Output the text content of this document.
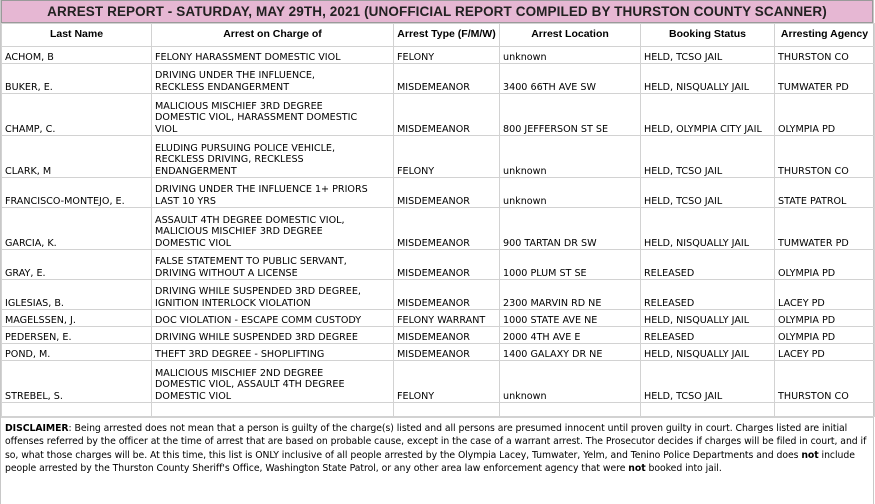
ARREST REPORT - SATURDAY, MAY 29TH, 2021 (UNOFFICIAL REPORT COMPILED BY THURSTON COUNTY SCANNER)
Last Name	Arrest on Charge of	Arrest Type (F/M/W)	Arrest Location	Booking Status	Arresting Agency
ACHOM, B	FELONY HARASSMENT DOMESTIC VIOL	FELONY	unknown	HELD, TCSO JAIL	THURSTON CO
BUKER, E.	DRIVING UNDER THE INFLUENCE,
RECKLESS ENDANGERMENT	MISDEMEANOR	3400 66TH AVE SW	HELD, NISQUALLY JAIL	TUMWATER PD
CHAMP, C.	MALICIOUS MISCHIEF 3RD DEGREE
DOMESTIC VIOL, HARASSMENT DOMESTIC
VIOL	MISDEMEANOR	800 JEFFERSON ST SE	HELD, OLYMPIA CITY JAIL	OLYMPIA PD
CLARK, M	ELUDING PURSUING POLICE VEHICLE,
RECKLESS DRIVING, RECKLESS
ENDANGERMENT	FELONY	unknown	HELD, TCSO JAIL	THURSTON CO
FRANCISCO-MONTEJO, E.	DRIVING UNDER THE INFLUENCE 1+ PRIORS
LAST 10 YRS	MISDEMEANOR	unknown	HELD, TCSO JAIL	STATE PATROL
GARCIA, K.	ASSAULT 4TH DEGREE DOMESTIC VIOL,
MALICIOUS MISCHIEF 3RD DEGREE
DOMESTIC VIOL	MISDEMEANOR	900 TARTAN DR SW	HELD, NISQUALLY JAIL	TUMWATER PD
GRAY, E.	FALSE STATEMENT TO PUBLIC SERVANT,
DRIVING WITHOUT A LICENSE	MISDEMEANOR	1000 PLUM ST SE	RELEASED	OLYMPIA PD
IGLESIAS, B.	DRIVING WHILE SUSPENDED 3RD DEGREE,
IGNITION INTERLOCK VIOLATION	MISDEMEANOR	2300 MARVIN RD NE	RELEASED	LACEY PD
MAGELSSEN, J.	DOC VIOLATION - ESCAPE COMM CUSTODY	FELONY WARRANT	1000 STATE AVE NE	HELD, NISQUALLY JAIL	OLYMPIA PD
PEDERSEN, E.	DRIVING WHILE SUSPENDED 3RD DEGREE	MISDEMEANOR	2000 4TH AVE E	RELEASED	OLYMPIA PD
POND, M.	THEFT 3RD DEGREE - SHOPLIFTING	MISDEMEANOR	1400 GALAXY DR NE	HELD, NISQUALLY JAIL	LACEY PD
STREBEL, S.	MALICIOUS MISCHIEF 2ND DEGREE
DOMESTIC VIOL, ASSAULT 4TH DEGREE
DOMESTIC VIOL	FELONY	unknown	HELD, TCSO JAIL	THURSTON CO

DISCLAIMER: Being arrested does not mean that a person is guilty of the charge(s) listed and all persons are presumed innocent until proven guilty in court. Charges listed are initial offenses referred by the officer at the time of arrest that are based on probable cause, except in the case of a warrant arrest. The Prosecutor decides if charges will be filed in court, and if so, what those charges will be. At this time, this list is ONLY inclusive of all people arrested by the Olympia Lacey, Tumwater, Yelm, and Tenino Police Departments and does not include people arrested by the Thurston County Sheriff's Office, Washington State Patrol, or any other area law enforcement agency that were not booked into jail.
